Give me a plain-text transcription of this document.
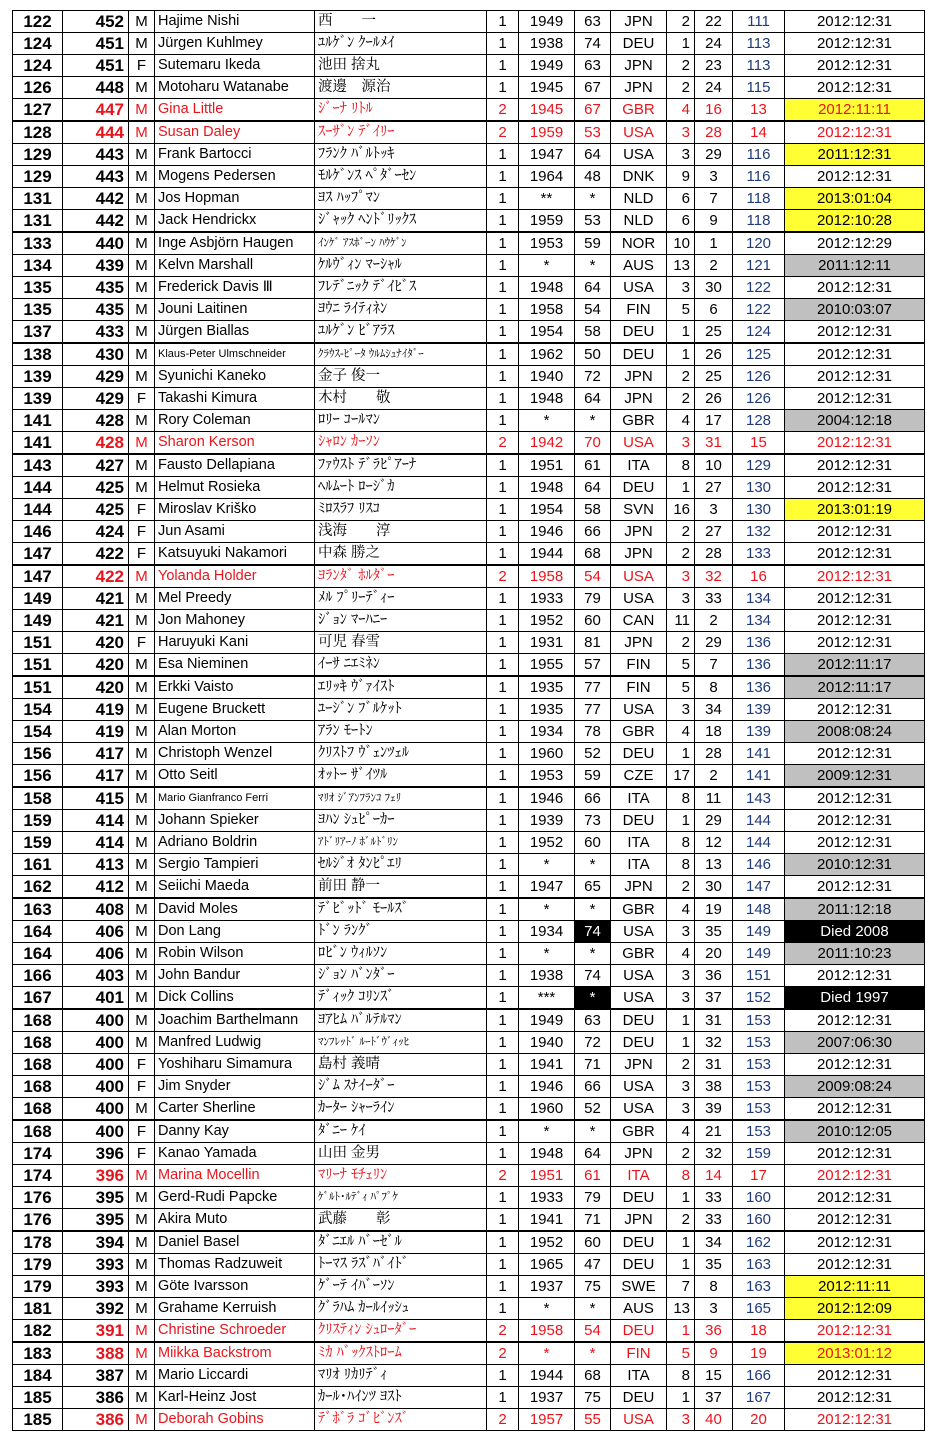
122	452	M	Hajime Nishi	西　　一	1	1949	63	JPN	2	22	111	2012:12:31
124	451	M	Jürgen Kuhlmey	ﾕﾙｹﾞﾝ ｸｰﾙﾒｲ	1	1938	74	DEU	1	24	113	2012:12:31
124	451	F	Sutemaru Ikeda	池田 捨丸	1	1949	63	JPN	2	23	113	2012:12:31
126	448	M	Motoharu Watanabe	渡邊　源治	1	1945	67	JPN	2	24	115	2012:12:31
127	447	M	Gina Little	ｼﾞｰﾅ ﾘﾄﾙ	2	1945	67	GBR	4	16	13	2012:11:11
128	444	M	Susan Daley	ｽｰｻﾞﾝ ﾃﾞｲﾘｰ	2	1959	53	USA	3	28	14	2012:12:31
129	443	M	Frank Bartocci	ﾌﾗﾝｸ ﾊﾞﾙﾄｯｷ	1	1947	64	USA	3	29	116	2011:12:31
129	443	M	Mogens Pedersen	ﾓﾙｹﾞﾝｽ ﾍﾟﾀﾞｰｾﾝ	1	1964	48	DNK	9	3	116	2012:12:31
131	442	M	Jos Hopman	ﾖｽ ﾊｯﾌﾟﾏﾝ	1	**	*	NLD	6	7	118	2013:01:04
131	442	M	Jack Hendrickx	ｼﾞｬｯｸ ﾍﾝﾄﾞﾘｯｸｽ	1	1959	53	NLD	6	9	118	2012:10:28
133	440	M	Inge Asbjörn Haugen	ｲﾝｹﾞ ｱｽﾎﾞｰﾝ ﾊｳｹﾞﾝ	1	1953	59	NOR	10	1	120	2012:12:29
134	439	M	Kelvn Marshall	ｹﾙｳﾞｨﾝ ﾏｰｼｬﾙ	1	*	*	AUS	13	2	121	2011:12:11
135	435	M	Frederick Davis Ⅲ	ﾌﾚﾃﾞﾆｯｸ ﾃﾞｲﾋﾞｽ	1	1948	64	USA	3	30	122	2012:12:31
135	435	M	Jouni Laitinen	ﾖｳﾆ ﾗｲﾃｨﾈﾝ	1	1958	54	FIN	5	6	122	2010:03:07
137	433	M	Jürgen Biallas	ﾕﾙｹﾞﾝ ﾋﾞｱﾗｽ	1	1954	58	DEU	1	25	124	2012:12:31
138	430	M	Klaus-Peter Ulmschneider	ｸﾗｳｽ-ﾋﾟｰﾀ ｳﾙﾑｼｭﾅｲﾀﾞｰ	1	1962	50	DEU	1	26	125	2012:12:31
139	429	M	Syunichi Kaneko	金子 俊一	1	1940	72	JPN	2	25	126	2012:12:31
139	429	F	Takashi Kimura	木村　　敬	1	1948	64	JPN	2	26	126	2012:12:31
141	428	M	Rory Coleman	ﾛﾘｰ ｺｰﾙﾏﾝ	1	*	*	GBR	4	17	128	2004:12:18
141	428	M	Sharon Kerson	ｼｬﾛﾝ ｶｰｿﾝ	2	1942	70	USA	3	31	15	2012:12:31
143	427	M	Fausto Dellapiana	ﾌｧｳｽﾄ ﾃﾞﾗﾋﾟｱｰﾅ	1	1951	61	ITA	8	10	129	2012:12:31
144	425	M	Helmut Rosieka	ﾍﾙﾑｰﾄ ﾛｰｼﾞｶ	1	1948	64	DEU	1	27	130	2012:12:31
144	425	F	Miroslav Kriško	ﾐﾛｽﾗﾌ ﾘｽｺ	1	1954	58	SVN	16	3	130	2013:01:19
146	424	F	Jun Asami	浅海　　淳	1	1946	66	JPN	2	27	132	2012:12:31
147	422	F	Katsuyuki Nakamori	中森 勝之	1	1944	68	JPN	2	28	133	2012:12:31
147	422	M	Yolanda Holder	ﾖﾗﾝﾀﾞ ﾎﾙﾀﾞｰ	2	1958	54	USA	3	32	16	2012:12:31
149	421	M	Mel Preedy	ﾒﾙ ﾌﾟﾘｰﾃﾞｨｰ	1	1933	79	USA	3	33	134	2012:12:31
149	421	M	Jon Mahoney	ｼﾞｮﾝ ﾏｰﾊﾆｰ	1	1952	60	CAN	11	2	134	2012:12:31
151	420	F	Haruyuki Kani	可児 春雪	1	1931	81	JPN	2	29	136	2012:12:31
151	420	M	Esa Nieminen	ｲｰｻ ﾆｴﾐﾈﾝ	1	1955	57	FIN	5	7	136	2012:11:17
151	420	M	Erkki Vaisto	ｴﾘｯｷ ｳﾞｧｲｽﾄ	1	1935	77	FIN	5	8	136	2012:11:17
154	419	M	Eugene Bruckett	ﾕｰｼﾞﾝ ﾌﾞﾙｹｯﾄ	1	1935	77	USA	3	34	139	2012:12:31
154	419	M	Alan Morton	ｱﾗﾝ ﾓｰﾄﾝ	1	1934	78	GBR	4	18	139	2008:08:24
156	417	M	Christoph Wenzel	ｸﾘｽﾄﾌ ｳﾞｪﾝﾂｪﾙ	1	1960	52	DEU	1	28	141	2012:12:31
156	417	M	Otto Seitl	ｵｯﾄｰ ｻﾞｲﾂﾙ	1	1953	59	CZE	17	2	141	2009:12:31
158	415	M	Mario Gianfranco Ferri	ﾏﾘｵ ｼﾞｱﾝﾌﾗﾝｺ ﾌｪﾘ	1	1946	66	ITA	8	11	143	2012:12:31
159	414	M	Johann Spieker	ﾖﾊﾝ ｼｭﾋﾟｰｶｰ	1	1939	73	DEU	1	29	144	2012:12:31
159	414	M	Adriano Boldrin	ｱﾄﾞﾘｱｰﾉ ﾎﾞﾙﾄﾞﾘﾝ	1	1952	60	ITA	8	12	144	2012:12:31
161	413	M	Sergio Tampieri	ｾﾙｼﾞｵ ﾀﾝﾋﾟｴﾘ	1	*	*	ITA	8	13	146	2010:12:31
162	412	M	Seiichi Maeda	前田 静一	1	1947	65	JPN	2	30	147	2012:12:31
163	408	M	David Moles	ﾃﾞﾋﾞｯﾄﾞ ﾓｰﾙｽﾞ	1	*	*	GBR	4	19	148	2011:12:18
164	406	M	Don Lang	ﾄﾞﾝ ﾗﾝｸﾞ	1	1934	74	USA	3	35	149	Died 2008
164	406	M	Robin Wilson	ﾛﾋﾞﾝ ｳｨﾙｿﾝ	1	*	*	GBR	4	20	149	2011:10:23
166	403	M	John Bandur	ｼﾞｮﾝ ﾊﾞﾝﾀﾞｰ	1	1938	74	USA	3	36	151	2012:12:31
167	401	M	Dick Collins	ﾃﾞｨｯｸ ｺﾘﾝｽﾞ	1	***	*	USA	3	37	152	Died 1997
168	400	M	Joachim Barthelmann	ﾖｱﾋﾑ ﾊﾞﾙﾃﾙﾏﾝ	1	1949	63	DEU	1	31	153	2012:12:31
168	400	M	Manfred Ludwig	ﾏﾝﾌﾚｯﾄﾞ ﾙｰﾄﾞｳﾞｨｯﾋ	1	1940	72	DEU	1	32	153	2007:06:30
168	400	F	Yoshiharu Simamura	島村 義晴	1	1941	71	JPN	2	31	153	2012:12:31
168	400	F	Jim Snyder	ｼﾞﾑ ｽﾅｲｰﾀﾞｰ	1	1946	66	USA	3	38	153	2009:08:24
168	400	M	Carter Sherline	ｶｰﾀｰ ｼｬｰﾗｲﾝ	1	1960	52	USA	3	39	153	2012:12:31
168	400	F	Danny Kay	ﾀﾞﾆｰ ｹｲ	1	*	*	GBR	4	21	153	2010:12:05
174	396	F	Kanao Yamada	山田 金男	1	1948	64	JPN	2	32	159	2012:12:31
174	396	M	Marina Mocellin	ﾏﾘｰﾅ ﾓﾁｪﾘﾝ	2	1951	61	ITA	8	14	17	2012:12:31
176	395	M	Gerd-Rudi Papcke	ｹﾞﾙﾄ･ﾙﾃﾞｨ ﾊﾟﾌﾟｹ	1	1933	79	DEU	1	33	160	2012:12:31
176	395	M	Akira Muto	武藤　　彰	1	1941	71	JPN	2	33	160	2012:12:31
178	394	M	Daniel Basel	ﾀﾞﾆｴﾙ ﾊﾞｰｾﾞﾙ	1	1952	60	DEU	1	34	162	2012:12:31
179	393	M	Thomas Radzuweit	ﾄｰﾏｽ ﾗｽﾞﾊﾞｲﾄﾞ	1	1965	47	DEU	1	35	163	2012:12:31
179	393	M	Göte Ivarsson	ｹﾞｰﾃ ｲﾊﾞｰｿﾝ	1	1937	75	SWE	7	8	163	2012:11:11
181	392	M	Grahame Kerruish	ｸﾞﾗﾊﾑ ｶｰﾙｲｯｼｭ	1	*	*	AUS	13	3	165	2012:12:09
182	391	M	Christine Schroeder	ｸﾘｽﾃｨﾝ ｼｭﾛｰﾀﾞｰ	2	1958	54	DEU	1	36	18	2012:12:31
183	388	M	Miikka Backstrom	ﾐｶ ﾊﾞｯｸｽﾄﾛｰﾑ	2	*	*	FIN	5	9	19	2013:01:12
184	387	M	Mario Liccardi	ﾏﾘｵ ﾘｶﾘﾃﾞｨ	1	1944	68	ITA	8	15	166	2012:12:31
185	386	M	Karl-Heinz Jost	ｶｰﾙ･ﾊｲﾝﾂ ﾖｽﾄ	1	1937	75	DEU	1	37	167	2012:12:31
185	386	M	Deborah Gobins	ﾃﾞﾎﾞﾗ ｺﾞﾋﾞﾝｽﾞ	2	1957	55	USA	3	40	20	2012:12:31
